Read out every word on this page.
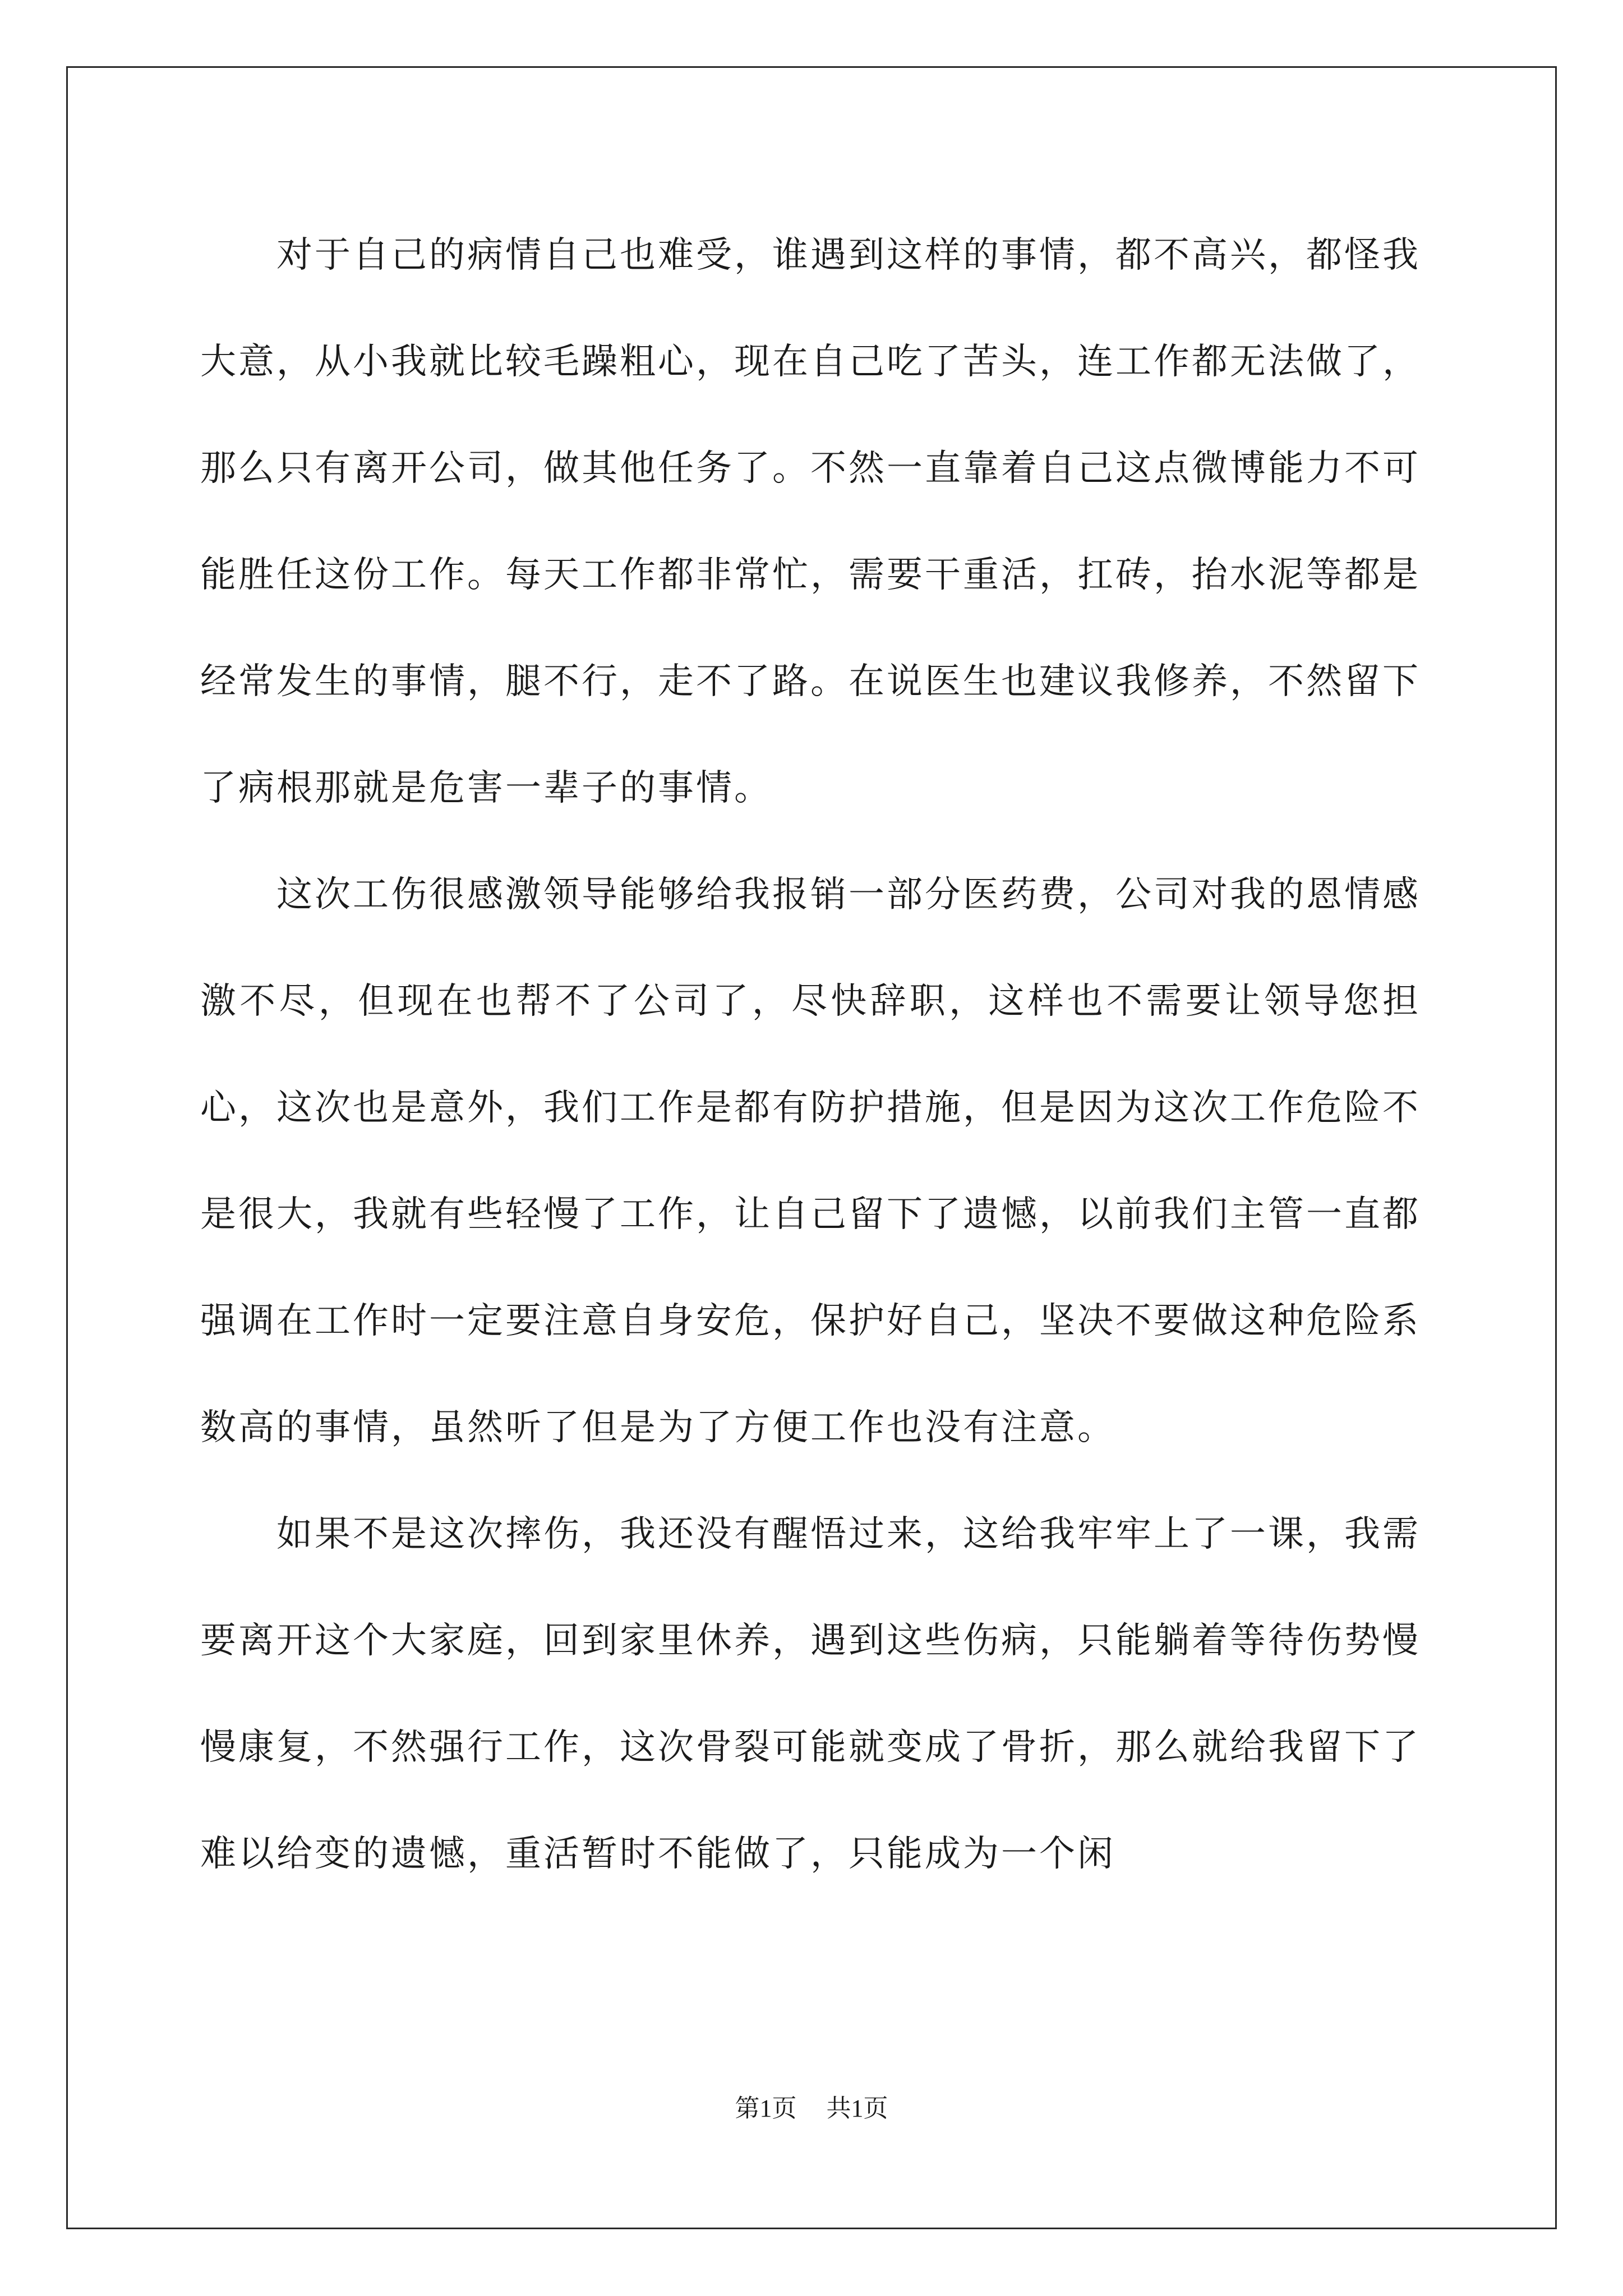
对于自己的病情自己也难受，谁遇到这样的事情，都不高兴，都怪我大意，从小我就比较毛躁粗心，现在自己吃了苦头，连工作都无法做了，那么只有离开公司，做其他任务了。不然一直靠着自己这点微博能力不可能胜任这份工作。每天工作都非常忙，需要干重活，扛砖，抬水泥等都是经常发生的事情，腿不行，走不了路。在说医生也建议我修养，不然留下了病根那就是危害一辈子的事情。

这次工伤很感激领导能够给我报销一部分医药费，公司对我的恩情感激不尽，但现在也帮不了公司了，尽快辞职，这样也不需要让领导您担心，这次也是意外，我们工作是都有防护措施，但是因为这次工作危险不是很大，我就有些轻慢了工作，让自己留下了遗憾，以前我们主管一直都强调在工作时一定要注意自身安危，保护好自己，坚决不要做这种危险系数高的事情，虽然听了但是为了方便工作也没有注意。

如果不是这次摔伤，我还没有醒悟过来，这给我牢牢上了一课，我需要离开这个大家庭，回到家里休养，遇到这些伤病，只能躺着等待伤势慢慢康复，不然强行工作，这次骨裂可能就变成了骨折，那么就给我留下了难以给变的遗憾，重活暂时不能做了，只能成为一个闲

第1页 共1页
